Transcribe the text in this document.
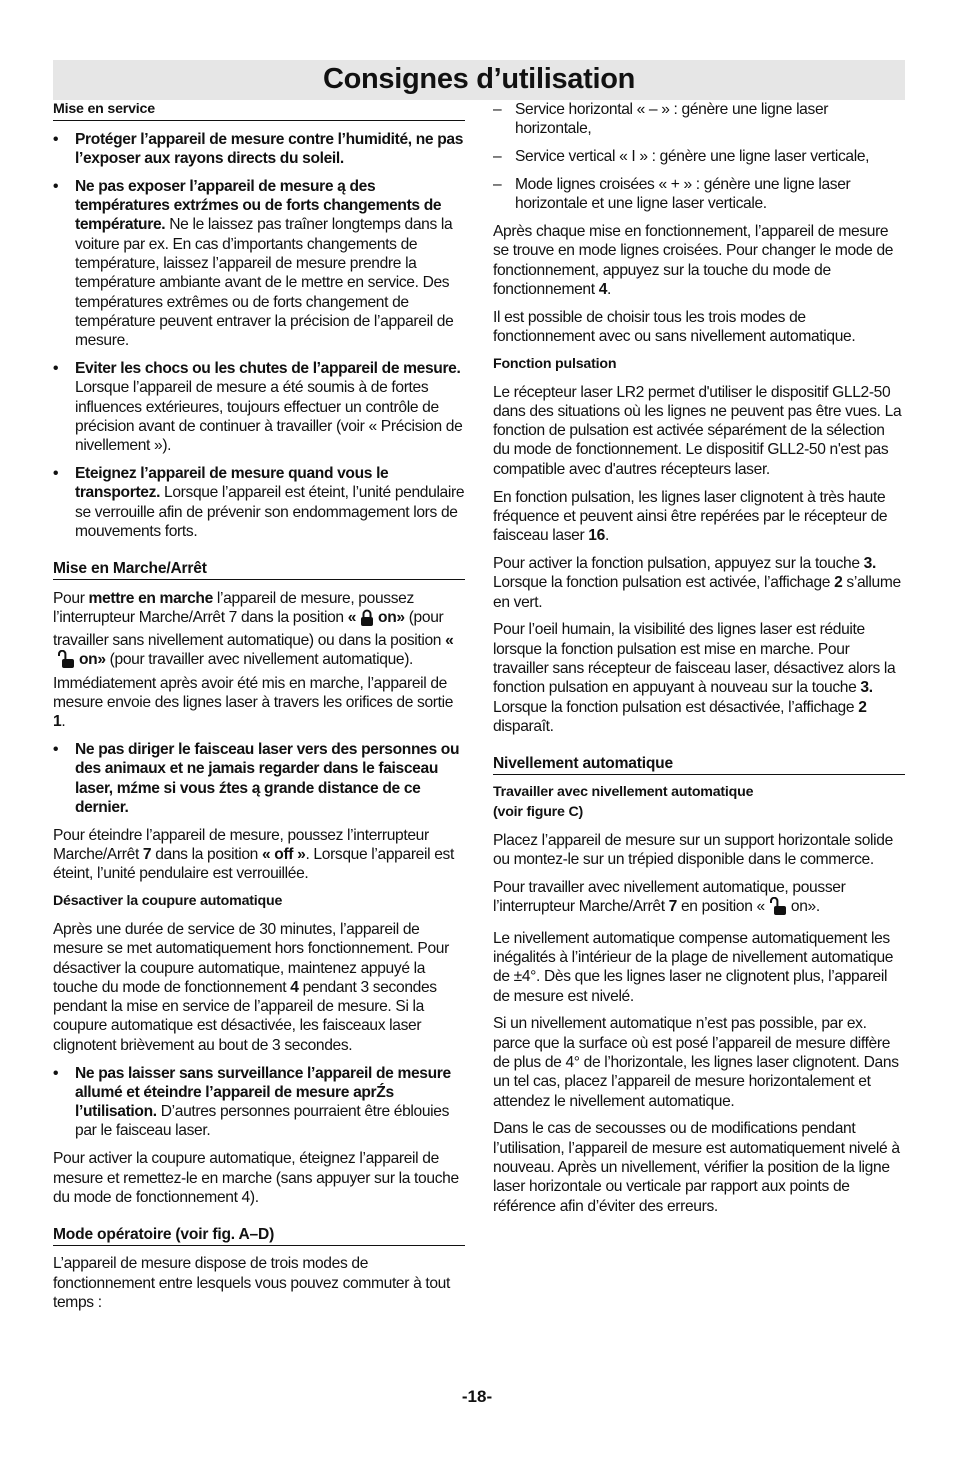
Consignes d’utilisation
Mise en service
• Protéger l’appareil de mesure contre l’humidité, ne pas l’exposer aux rayons directs du soleil.
• Ne pas exposer l’appareil de mesure ą des températures extrźmes ou de forts changements de température. Ne le laissez pas traîner longtemps dans la voiture par ex. En cas d’importants changements de température, laissez l’appareil de mesure prendre la température ambiante avant de le mettre en service. Des températures extrêmes ou de forts changement de température peuvent entraver la précision de l’appareil de mesure.
• Eviter les chocs ou les chutes de l’appareil de mesure. Lorsque l’appareil de mesure a été soumis à de fortes influences extérieures, toujours effectuer un contrôle de précision avant de continuer à travailler (voir « Précision de nivellement »).
• Eteignez l’appareil de mesure quand vous le transportez. Lorsque l’appareil est éteint, l’unité pendulaire se verrouille afin de prévenir son endommagement lors de mouvements forts.
Mise en Marche/Arrêt

Pour mettre en marche l’appareil de mesure, poussez l’interrupteur Marche/Arrêt 7 dans la position « on» (pour travailler sans nivellement automatique) ou dans la position «on» (pour travailler avec nivellement automatique). Immédiatement après avoir été mis en marche, l’appareil de mesure envoie des lignes laser à travers les orifices de sortie 1.

• Ne pas diriger le faisceau laser vers des personnes ou des animaux et ne jamais regarder dans le faisceau laser, mźme si vous źtes ą grande distance de ce dernier.

Pour éteindre l’appareil de mesure, poussez l’interrupteur Marche/Arrêt 7 dans la position « off ». Lorsque l’appareil est éteint, l’unité pendulaire est verrouillée.

Désactiver la coupure automatique

Après une durée de service de 30 minutes, l’appareil de mesure se met automatiquement hors fonctionnement. Pour désactiver la coupure automatique, maintenez appuyé la touche du mode de fonctionnement 4 pendant 3 secondes pendant la mise en service de l’appareil de mesure. Si la coupure automatique est désactivée, les faisceaux laser clignotent brièvement au bout de 3 secondes.

• Ne pas laisser sans surveillance l’appareil de mesure allumé et éteindre l’appareil de mesure aprŹs l’utilisation. D’autres personnes pourraient être éblouies par le faisceau laser.

Pour activer la coupure automatique, éteignez l’appareil de mesure et remettez-le en marche (sans appuyer sur la touche du mode de fonctionnement 4).

Mode opératoire (voir fig. A–D)

L’appareil de mesure dispose de trois modes de fonctionnement entre lesquels vous pouvez commuter à tout temps :

– Service horizontal « – » : génère une ligne laser horizontale,
– Service vertical « I » : génère une ligne laser verticale,
– Mode lignes croisées « + » : génère une ligne laser horizontale et une ligne laser verticale.

Après chaque mise en fonctionnement, l’appareil de mesure se trouve en mode lignes croisées. Pour changer le mode de fonctionnement, appuyez sur la touche du mode de fonctionnement 4.

Il est possible de choisir tous les trois modes de fonctionnement avec ou sans nivellement automatique.

Fonction pulsation

Le récepteur laser LR2 permet d'utiliser le dispositif GLL2-50 dans des situations où les lignes ne peuvent pas être vues. La fonction de pulsation est activée séparément de la sélection du mode de fonctionnement. Le dispositif GLL2-50 n'est pas compatible avec d'autres récepteurs laser.

En fonction pulsation, les lignes laser clignotent à très haute fréquence et peuvent ainsi être repérées par le récepteur de faisceau laser 16.

Pour activer la fonction pulsation, appuyez sur la touche 3. Lorsque la fonction pulsation est activée, l’affichage 2 s’allume en vert.

Pour l’oeil humain, la visibilité des lignes laser est réduite lorsque la fonction pulsation est mise en marche. Pour travailler sans récepteur de faisceau laser, désactivez alors la fonction pulsation en appuyant à nouveau sur la touche 3. Lorsque la fonction pulsation est désactivée, l’affichage 2 disparaît.

Nivellement automatique
Travailler avec nivellement automatique
(voir figure C)

Placez l’appareil de mesure sur un support horizontale solide ou montez-le sur un trépied disponible dans le commerce.

Pour travailler avec nivellement automatique, pousser l’interrupteur Marche/Arrêt 7 en position « on».

Le nivellement automatique compense automatiquement les inégalités à l’intérieur de la plage de nivellement automatique de ±4°. Dès que les lignes laser ne clignotent plus, l’appareil de mesure est nivelé.

Si un nivellement automatique n’est pas possible, par ex. parce que la surface où est posé l’appareil de mesure diffère de plus de 4° de l’horizontale, les lignes laser clignotent. Dans un tel cas, placez l’appareil de mesure horizontalement et attendez le nivellement automatique.

Dans le cas de secousses ou de modifications pendant l’utilisation, l’appareil de mesure est automatiquement nivelé à nouveau. Après un nivellement, vérifier la position de la ligne laser horizontale ou verticale par rapport aux points de référence afin d’éviter des erreurs.

-18-
